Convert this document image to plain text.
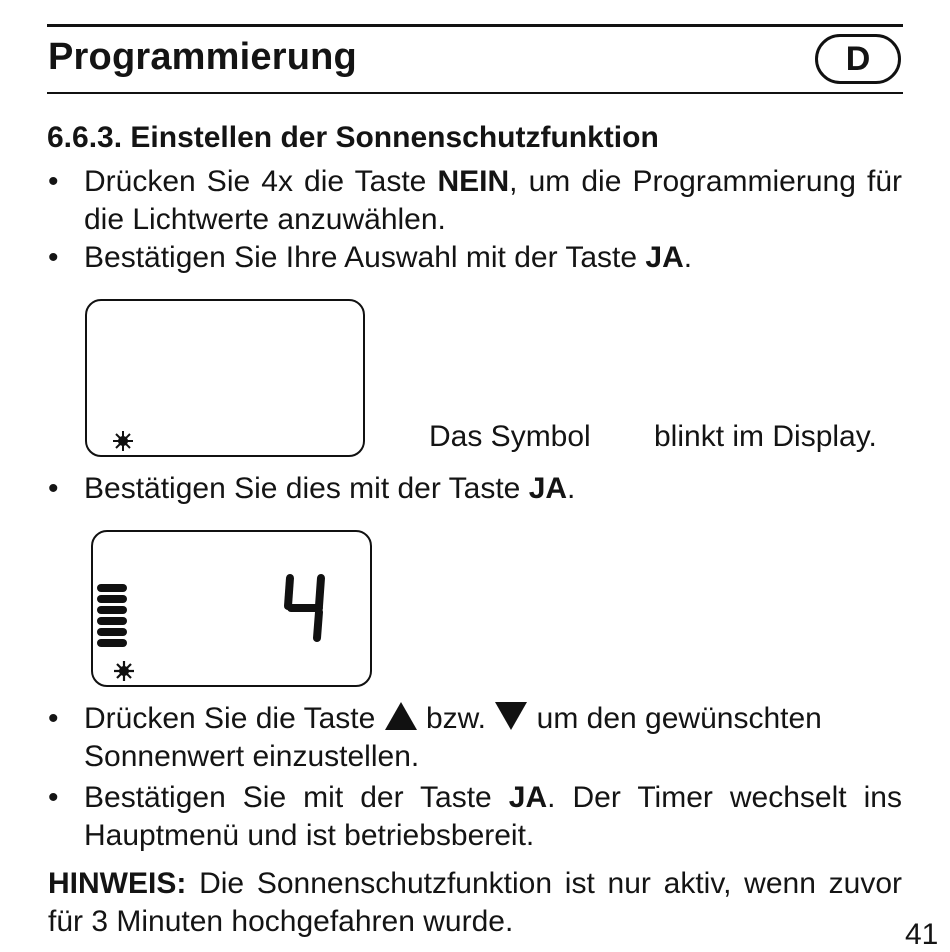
Programmierung	D
6.6.3. Einstellen der Sonnenschutzfunktion
• Drücken Sie 4x die Taste NEIN, um die Programmierung für die Lichtwerte anzuwählen.
• Bestätigen Sie Ihre Auswahl mit der Taste JA.
Das Symbol blinkt im Display.
• Bestätigen Sie dies mit der Taste JA.
• Drücken Sie die Taste  bzw.  um den gewünschten Sonnenwert einzustellen.
• Bestätigen Sie mit der Taste JA. Der Timer wechselt ins Hauptmenü und ist betriebsbereit.
HINWEIS: Die Sonnenschutzfunktion ist nur aktiv, wenn zuvor für 3 Minuten hochgefahren wurde.	41
